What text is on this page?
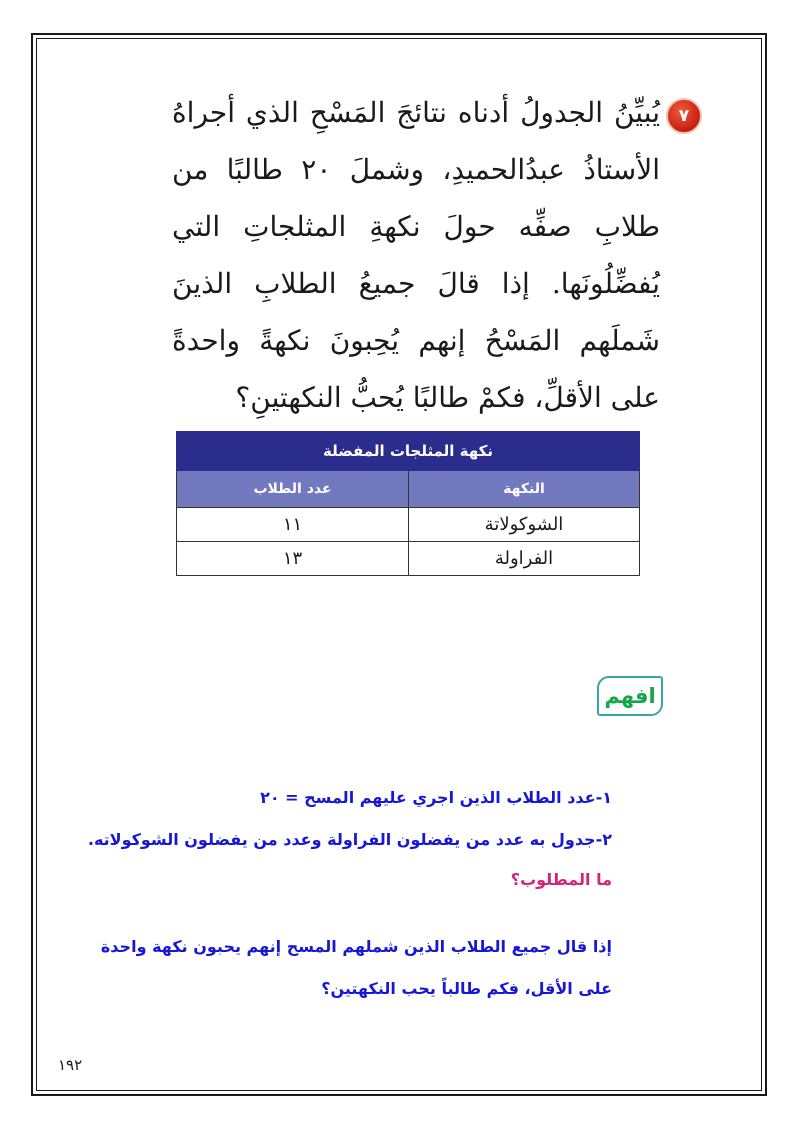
٧

يُبيِّنُ الجدولُ أدناه نتائجَ المَسْحِ الذي أجراهُ الأستاذُ عبدُالحميدِ، وشملَ ٢٠ طالبًا من طلابِ صفِّه حولَ نكهةِ المثلجاتِ التي يُفضِّلُونَها. إذا قالَ جميعُ الطلابِ الذينَ شَملَهم المَسْحُ إنهم يُحِبونَ نكهةً واحدةً على الأقلِّ، فكمْ طالبًا يُحبُّ النكهتينِ؟

نكهة المثلجات المفضلة	
النكهة	عدد الطلاب
الشوكولاتة	١١
الفراولة	١٣
افهم

١-عدد الطلاب الذين اجري عليهم المسح = ٢٠

٢-جدول به عدد من يفضلون الفراولة وعدد من يفضلون الشوكولاته.

ما المطلوب؟

إذا قال جميع الطلاب الذين شملهم المسح إنهم يحبون نكهة واحدة على الأقل، فكم طالباً يحب النكهتين؟

١٩٢
